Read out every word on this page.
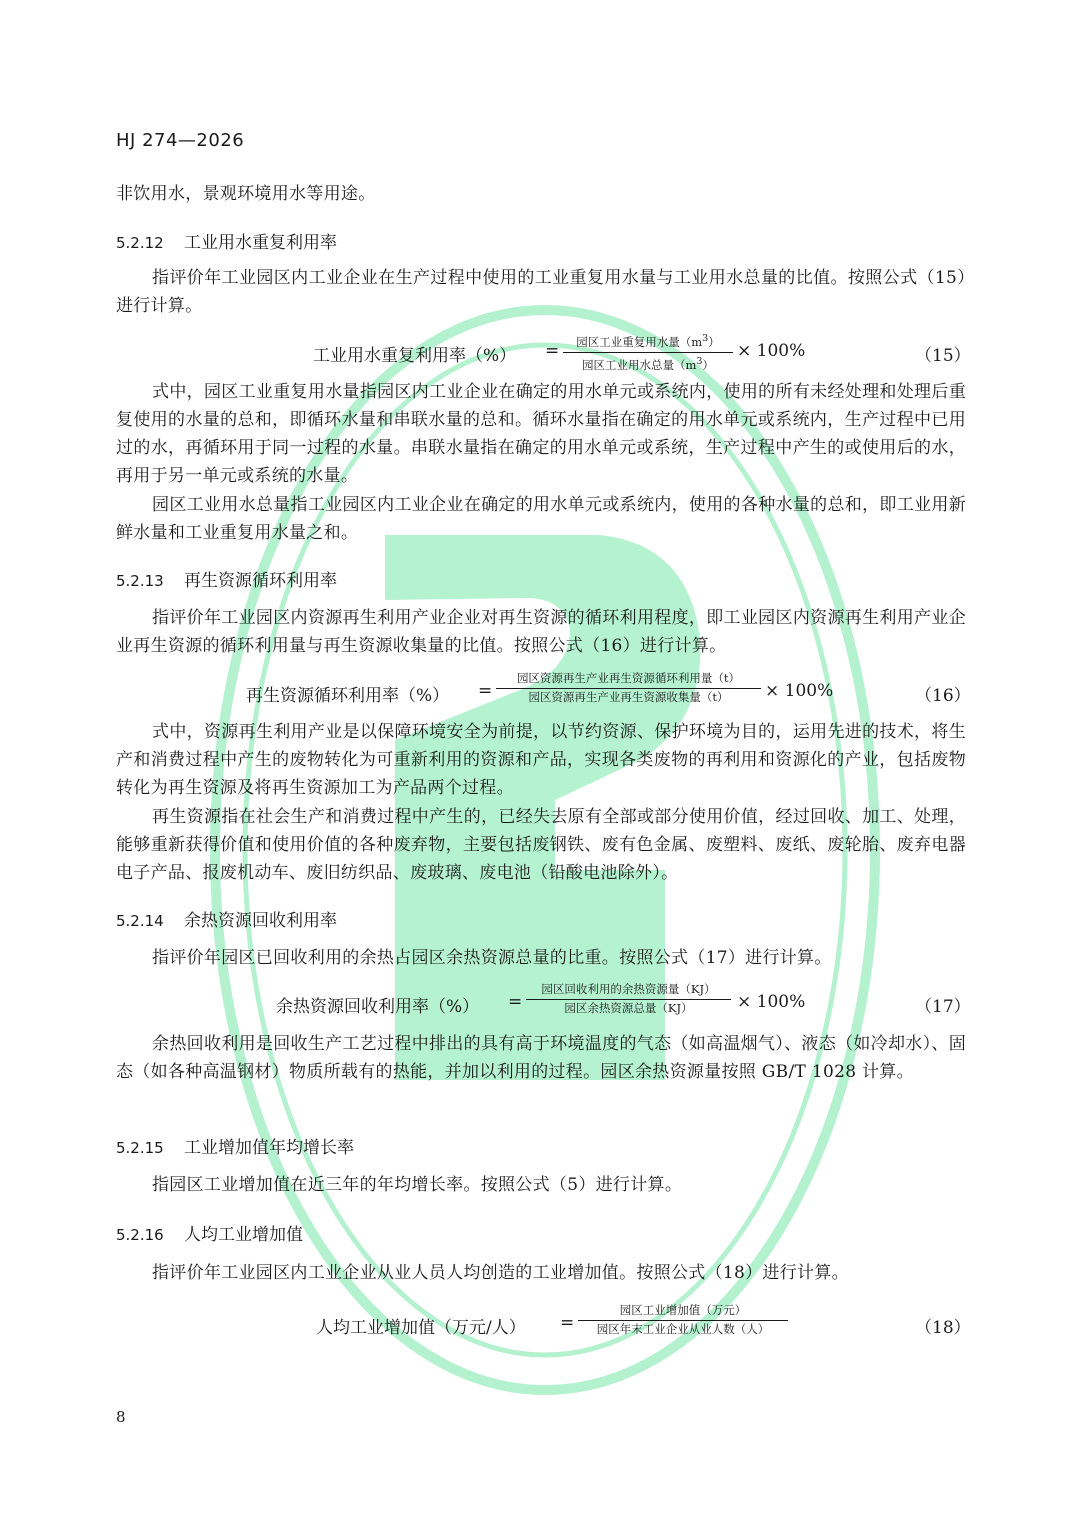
HJ 274—2026

非饮用水，景观环境用水等用途。

5.2.12 工业用水重复利用率

指评价年工业园区内工业企业在生产过程中使用的工业重复用水量与工业用水总量的比值。按照公式（15）进行计算。

工业用水重复利用率（%） =	园区工业重复用水量$(m^3)$
园区工业用水总量$(m^3)$
× 100%	（15）

式中，园区工业重复用水量指园区内工业企业在确定的用水单元或系统内，使用的所有未经处理和处理后重复使用的水量的总和，即循环水量和串联水量的总和。循环水量指在确定的用水单元或系统内，生产过程中已用过的水，再循环用于同一过程的水量。串联水量指在确定的用水单元或系统，生产过程中产生的或使用后的水，再用于另一单元或系统的水量。

园区工业用水总量指工业园区内工业企业在确定的用水单元或系统内，使用的各种水量的总和，即工业用新鲜水量和工业重复用水量之和。

5.2.13 再生资源循环利用率

指评价年工业园区内资源再生利用产业企业对再生资源的循环利用程度，即工业园区内资源再生利用产业企业再生资源的循环利用量与再生资源收集量的比值。按照公式（16）进行计算。

再生资源循环利用率（%） =
园区资源再生产业再生资源循环利用量（t）
园区资源再生产业再生资源收集量（t）	× 100%	（16）

式中，资源再生利用产业是以保障环境安全为前提，以节约资源、保护环境为目的，运用先进的技术，将生产和消费过程中产生的废物转化为可重新利用的资源和产品，实现各类废物的再利用和资源化的产业，包括废物转化为再生资源及将再生资源加工为产品两个过程。

再生资源指在社会生产和消费过程中产生的，已经失去原有全部或部分使用价值，经过回收、加工、处理，能够重新获得价值和使用价值的各种废弃物，主要包括废钢铁、废有色金属、废塑料、废纸、废轮胎、废弃电器电子产品、报废机动车、废旧纺织品、废玻璃、废电池（铅酸电池除外）。

5.2.14 余热资源回收利用率

指评价年园区已回收利用的余热占园区余热资源总量的比重。按照公式（17）进行计算。

余热资源回收利用率（%） =
园区回收利用的余热资源量（KJ）
园区余热资源总量（KJ）	× 100%	（17）

余热回收利用是回收生产工艺过程中排出的具有高于环境温度的气态（如高温烟气）、液态（如冷却水）、固态（如各种高温钢材）物质所载有的热能，并加以利用的过程。园区余热资源量按照 GB/T 1028 计算。

5.2.15 工业增加值年均增长率

指园区工业增加值在近三年的年均增长率。按照公式（5）进行计算。

5.2.16 人均工业增加值

指评价年工业园区内工业企业从业人员人均创造的工业增加值。按照公式（18）进行计算。

人均工业增加值（万元/人） =
园区工业增加值（万元）
园区年末工业企业从业人数（人）	（18）
8
